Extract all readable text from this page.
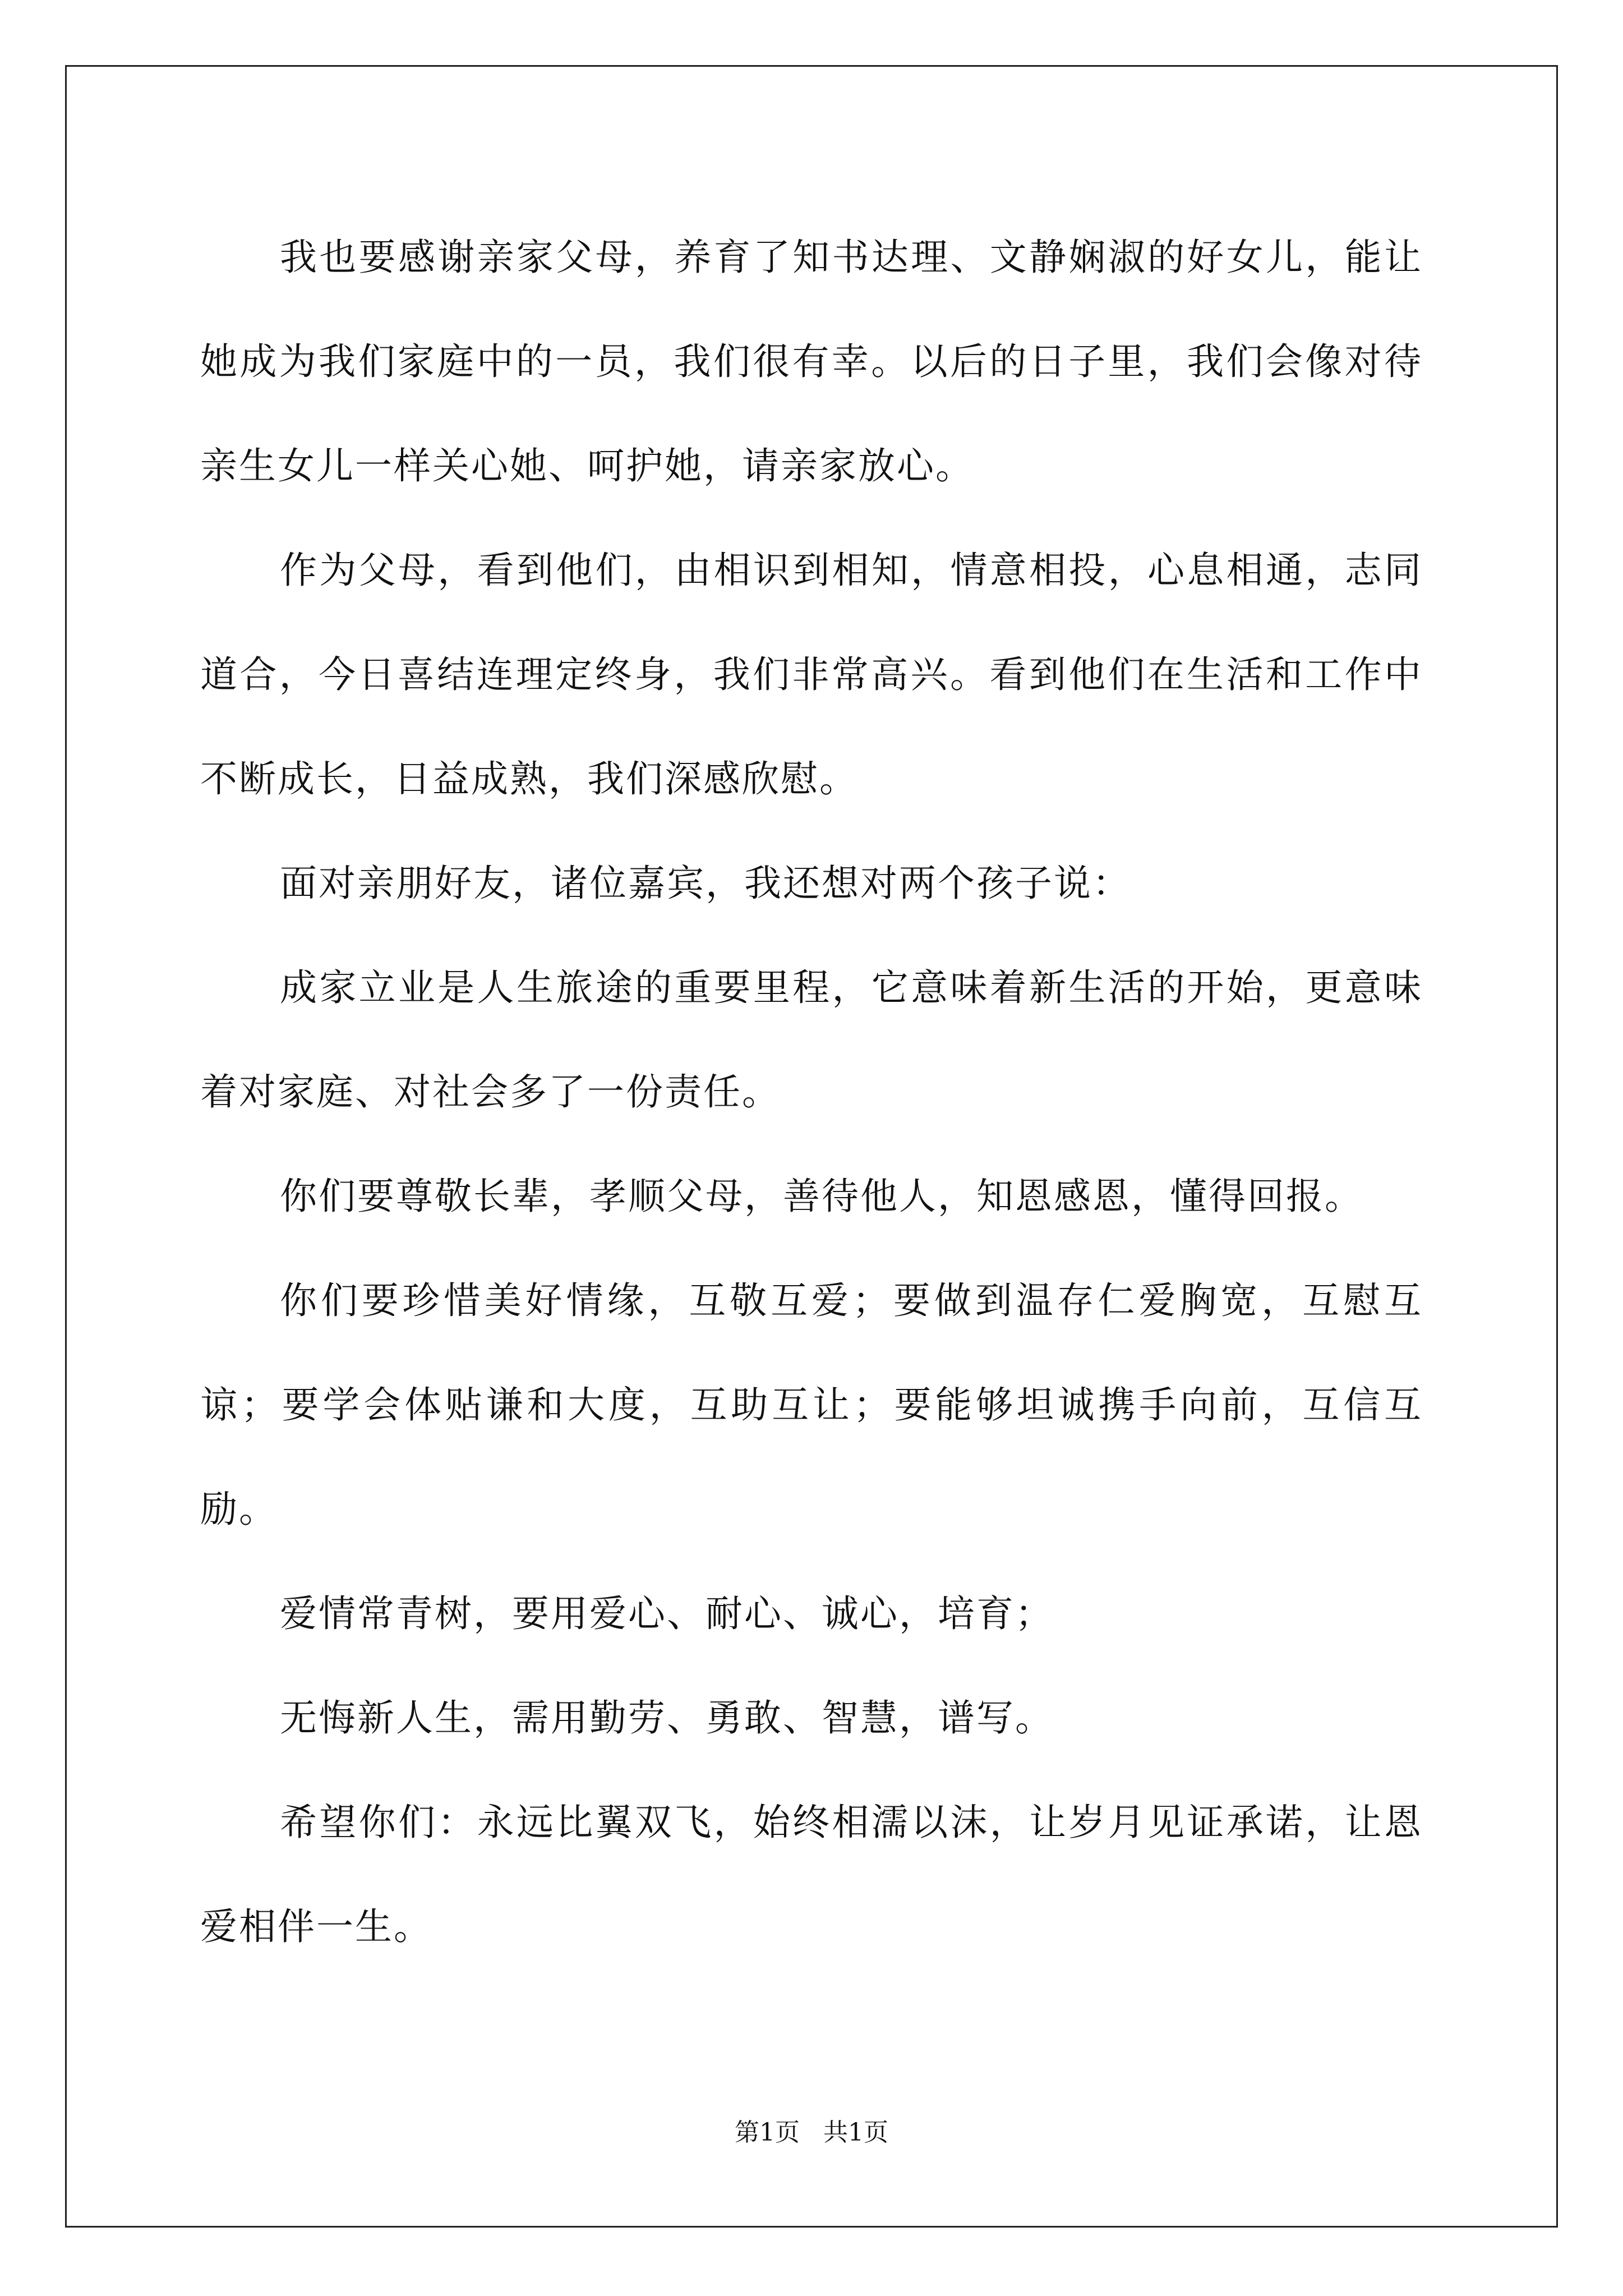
我也要感谢亲家父母，养育了知书达理、文静娴淑的好女儿，能让她成为我们家庭中的一员，我们很有幸。以后的日子里，我们会像对待亲生女儿一样关心她、呵护她，请亲家放心。

作为父母，看到他们，由相识到相知，情意相投，心息相通，志同道合，今日喜结连理定终身，我们非常高兴。看到他们在生活和工作中不断成长，日益成熟，我们深感欣慰。

面对亲朋好友，诸位嘉宾，我还想对两个孩子说：

成家立业是人生旅途的重要里程，它意味着新生活的开始，更意味着对家庭、对社会多了一份责任。

你们要尊敬长辈，孝顺父母，善待他人，知恩感恩，懂得回报。

你们要珍惜美好情缘，互敬互爱；要做到温存仁爱胸宽，互慰互谅；要学会体贴谦和大度，互助互让；要能够坦诚携手向前，互信互励。

爱情常青树，要用爱心、耐心、诚心，培育；

无悔新人生，需用勤劳、勇敢、智慧，谱写。

希望你们：永远比翼双飞，始终相濡以沫，让岁月见证承诺，让恩爱相伴一生。

第1页 共1页
